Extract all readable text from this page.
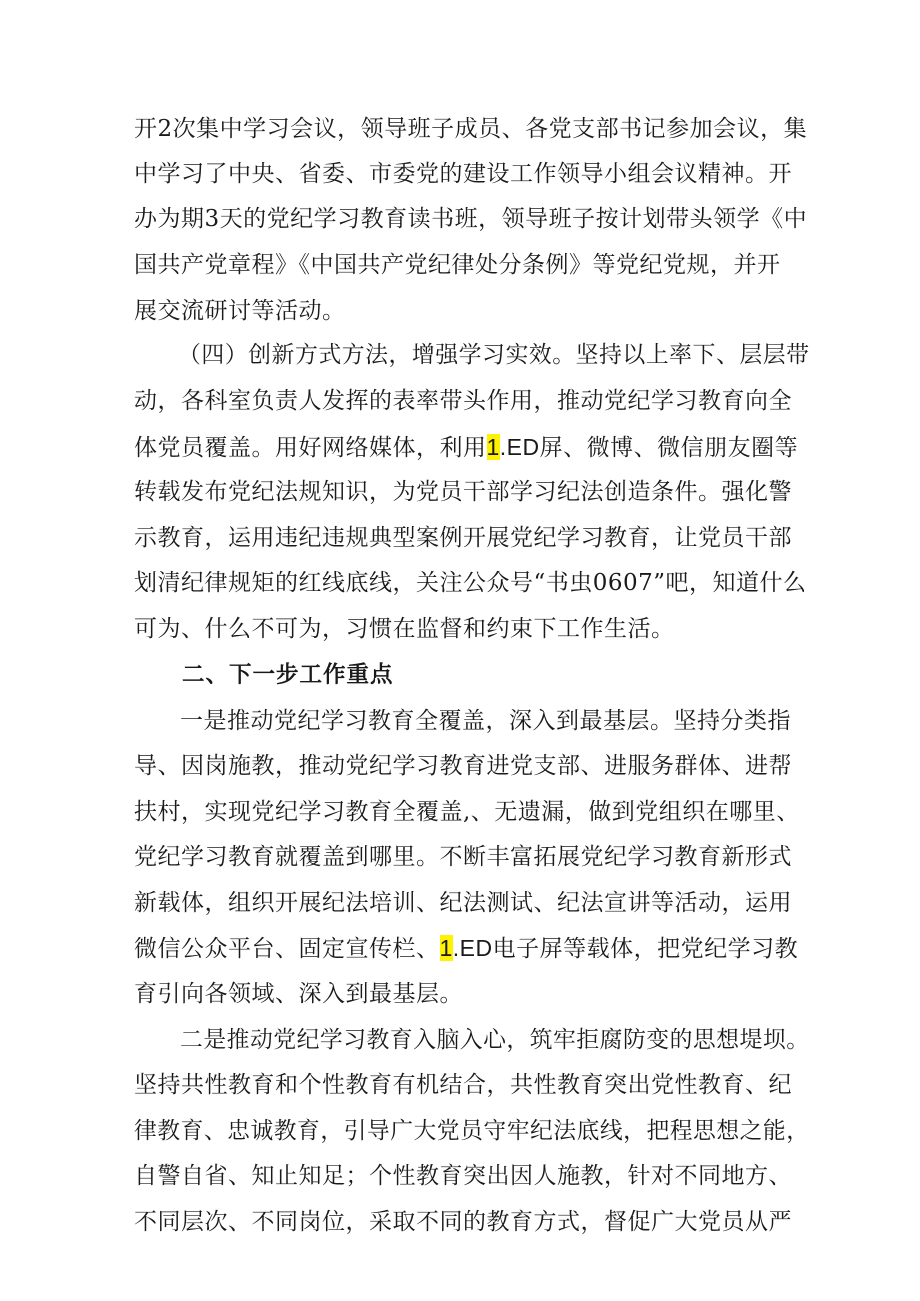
开2次集中学习会议，领导班子成员、各党支部书记参加会议，集
中学习了中央、省委、市委党的建设工作领导小组会议精神。开
办为期3天的党纪学习教育读书班，领导班子按计划带头领学《中
国共产党章程》《中国共产党纪律处分条例》等党纪党规，并开
展交流研讨等活动。
（四）创新方式方法，增强学习实效。坚持以上率下、层层带
动，各科室负责人发挥的表率带头作用，推动党纪学习教育向全
体党员覆盖。用好网络媒体，利用1.ED屏、微博、微信朋友圈等
转载发布党纪法规知识，为党员干部学习纪法创造条件。强化警
示教育，运用违纪违规典型案例开展党纪学习教育，让党员干部
划清纪律规矩的红线底线，关注公众号“书虫0607”吧，知道什么
可为、什么不可为，习惯在监督和约束下工作生活。
二、下一步工作重点
一是推动党纪学习教育全覆盖，深入到最基层。坚持分类指
导、因岗施教，推动党纪学习教育进党支部、进服务群体、进帮
扶村，实现党纪学习教育全覆盖,、无遗漏，做到党组织在哪里、
党纪学习教育就覆盖到哪里。不断丰富拓展党纪学习教育新形式
新载体，组织开展纪法培训、纪法测试、纪法宣讲等活动，运用
微信公众平台、固定宣传栏、1.ED电子屏等载体，把党纪学习教
育引向各领域、深入到最基层。
二是推动党纪学习教育入脑入心，筑牢拒腐防变的思想堤坝。
坚持共性教育和个性教育有机结合，共性教育突出党性教育、纪
律教育、忠诚教育，引导广大党员守牢纪法底线，把程思想之能，
自警自省、知止知足；个性教育突出因人施教，针对不同地方、
不同层次、不同岗位，采取不同的教育方式，督促广大党员从严
